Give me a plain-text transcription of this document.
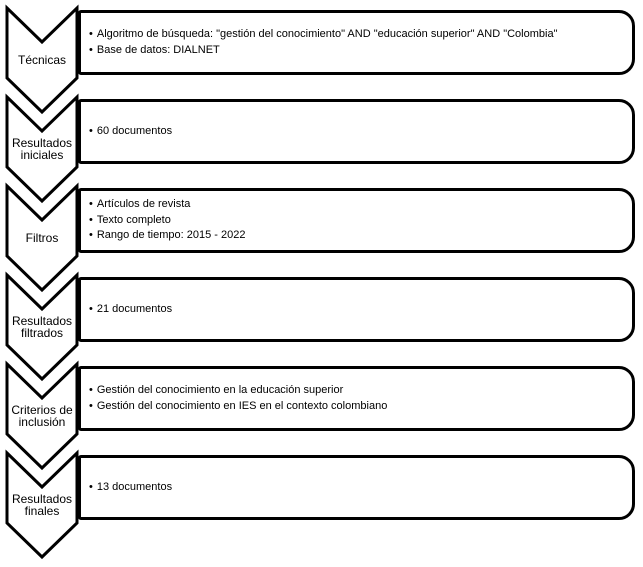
Técnicas
• Algoritmo de búsqueda: "gestión del conocimiento" AND "educación superior" AND "Colombia"
• Base de datos: DIALNET
Resultados iniciales
• 60 documentos
Filtros
• Artículos de revista
• Texto completo
• Rango de tiempo: 2015 - 2022
Resultados filtrados
• 21 documentos
Criterios de inclusión
• Gestión del conocimiento en la educación superior
• Gestión del conocimiento en IES en el contexto colombiano
Resultados finales
• 13 documentos
